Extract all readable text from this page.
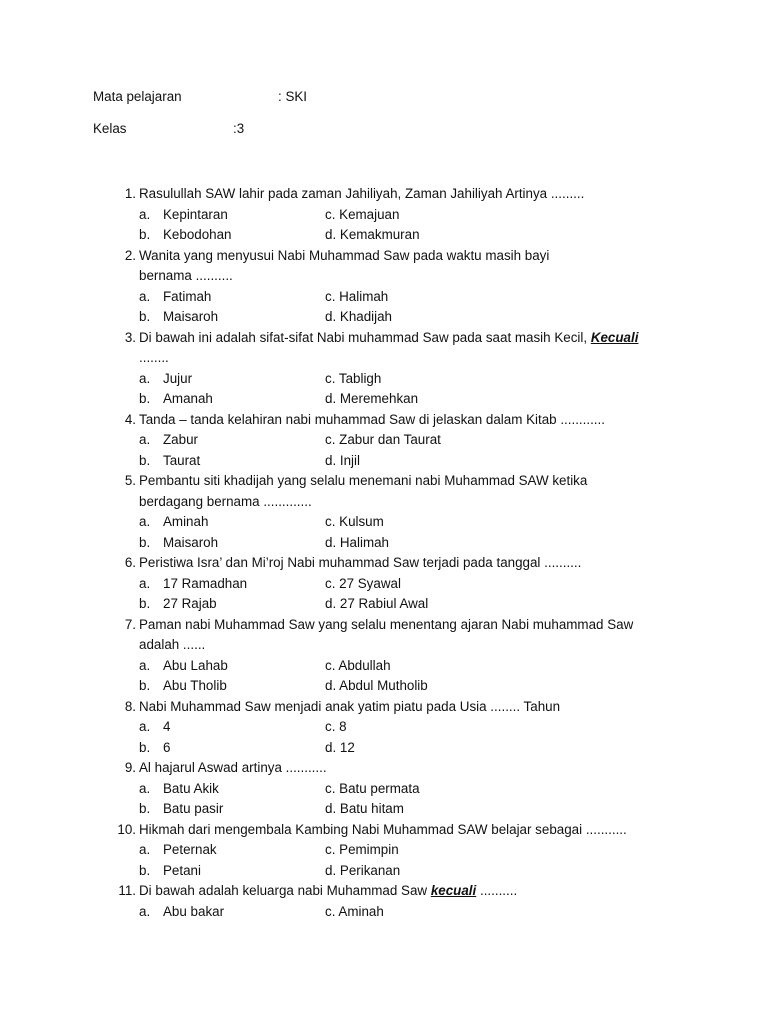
Mata pelajaran	: SKI
Kelas	:3
1. Rasulullah SAW lahir pada zaman Jahiliyah, Zaman Jahiliyah Artinya .........
a. Kepintaran	c. Kemajuan
b. Kebodohan	d. Kemakmuran
2. Wanita yang menyusui Nabi Muhammad Saw pada waktu masih bayi
bernama ..........
a. Fatimah	c. Halimah
b. Maisaroh	d. Khadijah
3. Di bawah ini adalah sifat-sifat Nabi muhammad Saw pada saat masih Kecil, Kecuali
........
a. Jujur	c. Tabligh
b. Amanah	d. Meremehkan
4. Tanda – tanda kelahiran nabi muhammad Saw di jelaskan dalam Kitab ............
a. Zabur	c. Zabur dan Taurat
b. Taurat	d. Injil
5. Pembantu siti khadijah yang selalu menemani nabi Muhammad SAW ketika
berdagang bernama .............
a. Aminah	c. Kulsum
b. Maisaroh	d. Halimah
6. Peristiwa Isra’ dan Mi’roj Nabi muhammad Saw terjadi pada tanggal ..........
a. 17 Ramadhan	c. 27 Syawal
b. 27 Rajab	d. 27 Rabiul Awal
7. Paman nabi Muhammad Saw yang selalu menentang ajaran Nabi muhammad Saw
adalah ......
a. Abu Lahab	c. Abdullah
b. Abu Tholib	d. Abdul Mutholib
8. Nabi Muhammad Saw menjadi anak yatim piatu pada Usia ........ Tahun
a. 4	c. 8
b. 6	d. 12
9. Al hajarul Aswad artinya ...........
a. Batu Akik	c. Batu permata
b. Batu pasir	d. Batu hitam
10. Hikmah dari mengembala Kambing Nabi Muhammad SAW belajar sebagai ...........
a. Peternak	c. Pemimpin
b. Petani	d. Perikanan
11. Di bawah adalah keluarga nabi Muhammad Saw kecuali ..........
a. Abu bakar	c. Aminah
